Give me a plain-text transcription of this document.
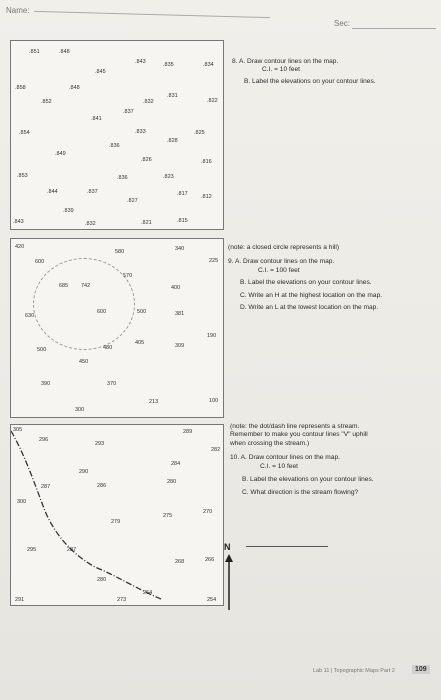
Name:
Sec:
.851	.848
.843	.835	.834
.845
.858	.848
.831
.852	.832	.822
.837
.841
.854	.833	.825
.836
.828
.849
.826	.816
.853	.836	.823
.844	.837
.827
.817 .812
.839
.843	.832	.821	.815

8. A. Draw contour lines on the map.

C.I. = 10 feet

B. Label the elevations on your contour lines.

420
580	340
225
600
570
685 742	400
630
600	500	381
190
500	480
405	309
450
390	370
213	100
300

(note: a closed circle represents a hill)

9. A. Draw contour lines on the map.

C.I. = 100 feet

B. Label the elevations on your contour lines.

C. Write an H at the highest location on the map.

D. Write an L at the lowest location on the map.

305	289
296
293
282
284
290
287	286
280
300
270
279
275
295	287
268	266
280
291	273
264
254
N

(note: the dot/dash line represents a stream.

Remember to make you contour lines "V" uphill

when crossing the stream.)

10. A. Draw contour lines on the map.

C.I. = 10 feet

B. Label the elevations on your contour lines.

C. What direction is the stream flowing?

Lab 11 | Topographic Maps Part 2	109
